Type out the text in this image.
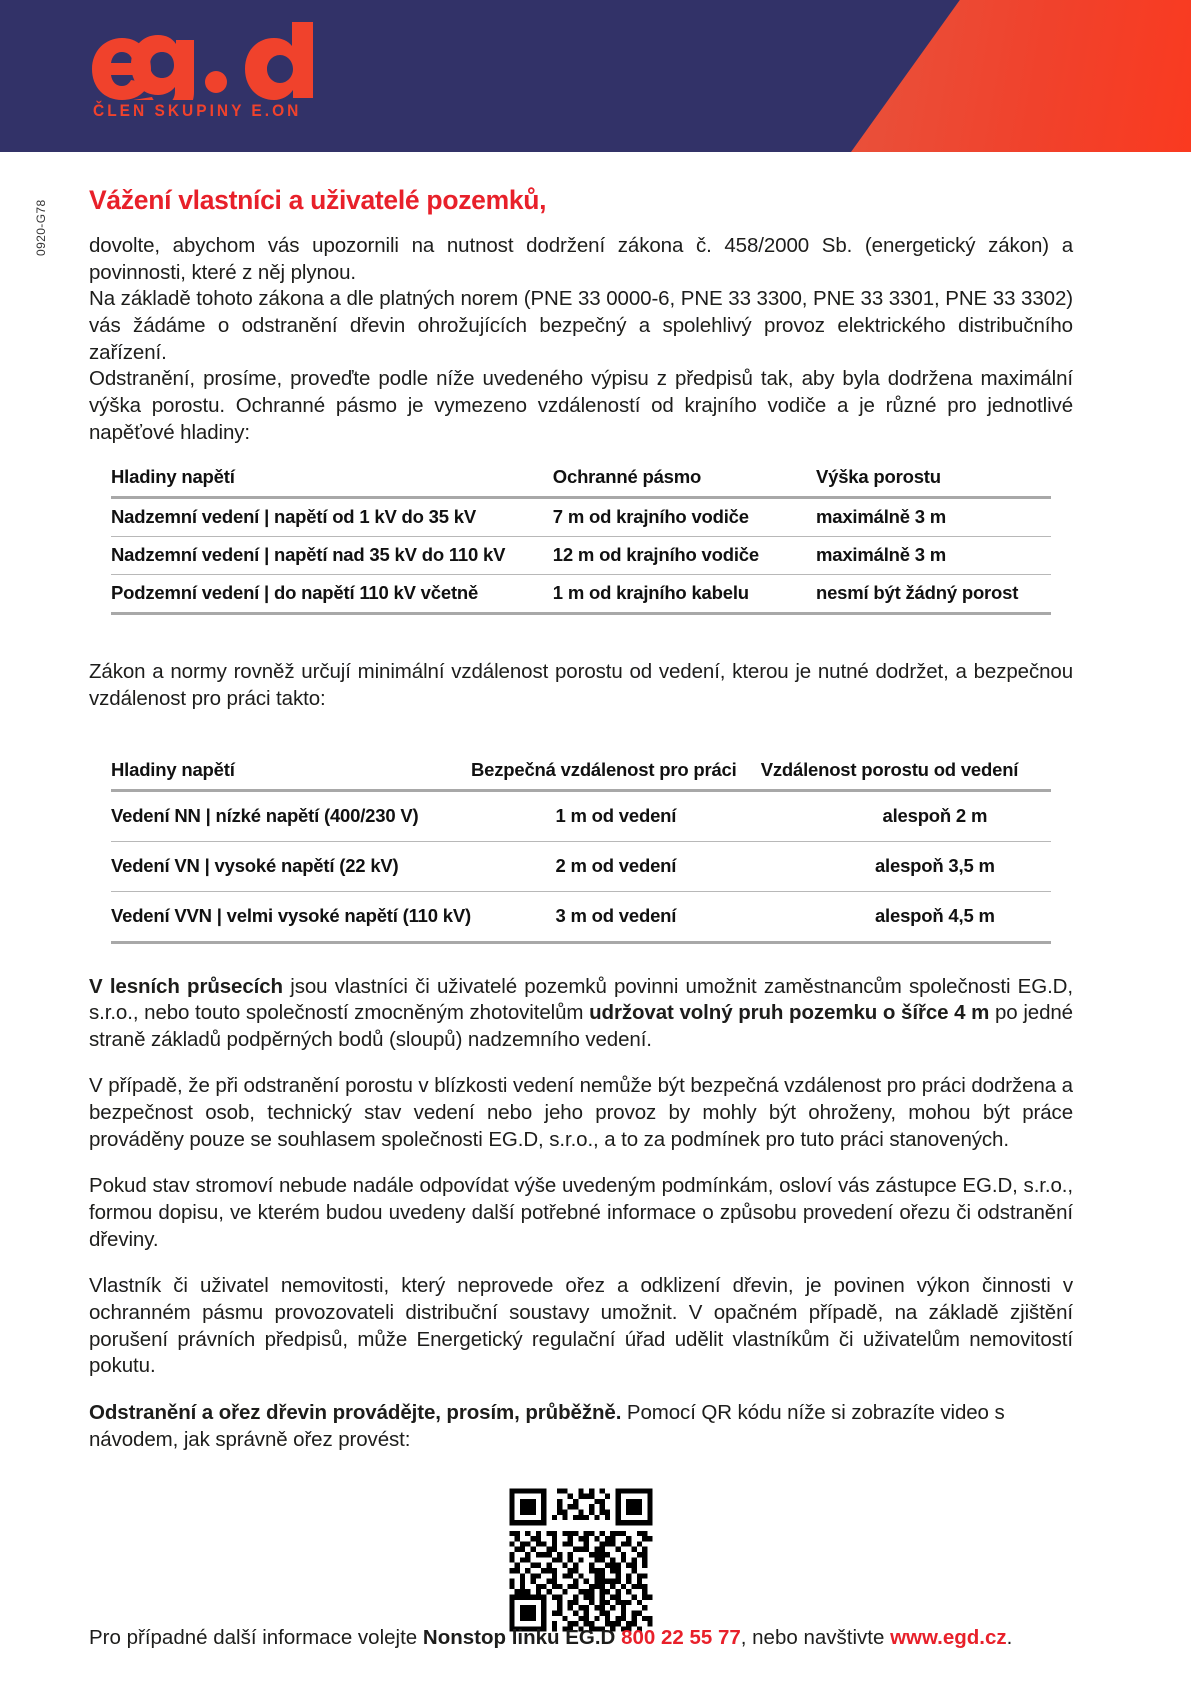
ČLEN SKUPINY E.ON
0920-G78 Vážení vlastníci a uživatelé pozemků,

dovolte, abychom vás upozornili na nutnost dodržení zákona č. 458/2000 Sb. (energetický zákon) a povinnosti, které z něj plynou.

Na základě tohoto zákona a dle platných norem (PNE 33 0000-6, PNE 33 3300, PNE 33 3301, PNE 33 3302) vás žádáme o odstranění dřevin ohrožujících bezpečný a spolehlivý provoz elektrického distribučního zařízení.

Odstranění, prosíme, proveďte podle níže uvedeného výpisu z předpisů tak, aby byla dodržena maximální výška porostu. Ochranné pásmo je vymezeno vzdáleností od krajního vodiče a je různé pro jednotlivé napěťové hladiny:

Hladiny napětí	Ochranné pásmo	Výška porostu
Nadzemní vedení | napětí od 1 kV do 35 kV	7 m od krajního vodiče	maximálně 3 m
Nadzemní vedení | napětí nad 35 kV do 110 kV	12 m od krajního vodiče	maximálně 3 m
Podzemní vedení | do napětí 110 kV včetně	1 m od krajního kabelu	nesmí být žádný porost

Zákon a normy rovněž určují minimální vzdálenost porostu od vedení, kterou je nutné dodržet, a bezpečnou vzdálenost pro práci takto:

Hladiny napětí	Bezpečná vzdálenost pro práci	Vzdálenost porostu od vedení
Vedení NN | nízké napětí (400/230 V)	1 m od vedení	alespoň 2 m
Vedení VN | vysoké napětí (22 kV)	2 m od vedení	alespoň 3,5 m
Vedení VVN | velmi vysoké napětí (110 kV)	3 m od vedení	alespoň 4,5 m

V lesních průsecích jsou vlastníci či uživatelé pozemků povinni umožnit zaměstnancům společnosti EG.D, s.r.o., nebo touto společností zmocněným zhotovitelům udržovat volný pruh pozemku o šířce 4 m po jedné straně základů podpěrných bodů (sloupů) nadzemního vedení.

V případě, že při odstranění porostu v blízkosti vedení nemůže být bezpečná vzdálenost pro práci dodržena a bezpečnost osob, technický stav vedení nebo jeho provoz by mohly být ohroženy, mohou být práce prováděny pouze se souhlasem společnosti EG.D, s.r.o., a to za podmínek pro tuto práci stanovených.

Pokud stav stromoví nebude nadále odpovídat výše uvedeným podmínkám, osloví vás zástupce EG.D, s.r.o., formou dopisu, ve kterém budou uvedeny další potřebné informace o způsobu provedení ořezu či odstranění dřeviny.

Vlastník či uživatel nemovitosti, který neprovede ořez a odklizení dřevin, je povinen výkon činnosti v ochranném pásmu provozovateli distribuční soustavy umožnit. V opačném případě, na základě zjištění porušení právních předpisů, může Energetický regulační úřad udělit vlastníkům či uživatelům nemovitostí pokutu.

Odstranění a ořez dřevin provádějte, prosím, průběžně. Pomocí QR kódu níže si zobrazíte video s návodem, jak správně ořez provést:

Pro případné další informace volejte Nonstop linku EG.D 800 22 55 77, nebo navštivte www.egd.cz.
